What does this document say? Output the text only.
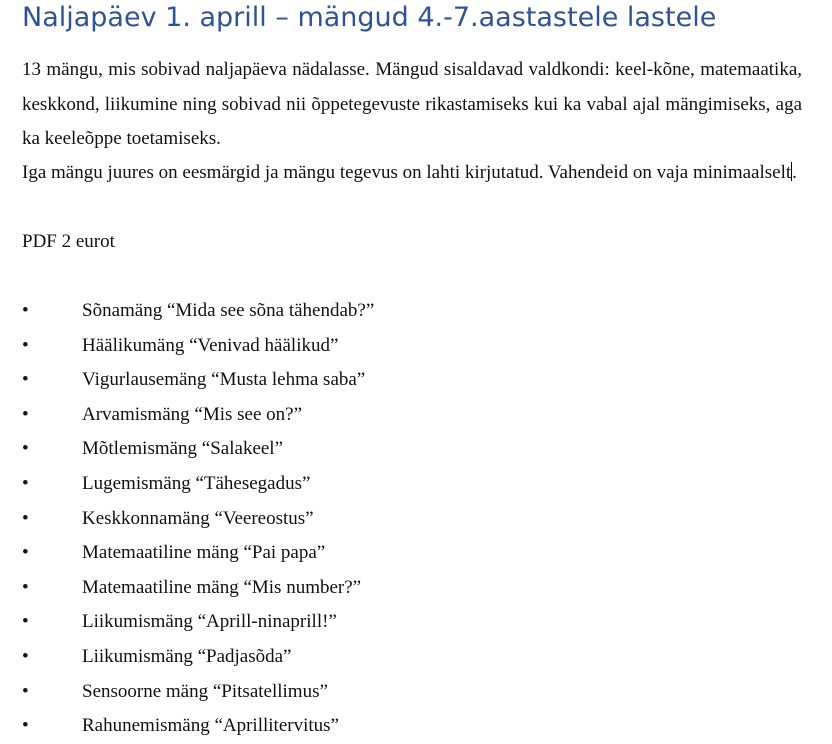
Naljapäev 1. aprill – mängud 4.-7.aastastele lastele
13 mängu, mis sobivad naljapäeva nädalasse. Mängud sisaldavad valdkondi: keel-kõne, matemaatika, keskkond, liikumine ning sobivad nii õppetegevuste rikastamiseks kui ka vabal ajal mängimiseks, aga ka keeleõppe toetamiseks.
Iga mängu juures on eesmärgid ja mängu tegevus on lahti kirjutatud. Vahendeid on vaja minimaalselt.
PDF 2 eurot
•	Sõnamäng “Mida see sõna tähendab?”
•	Häälikumäng “Venivad häälikud”
•	Vigurlausemäng “Musta lehma saba”
•	Arvamismäng “Mis see on?”
•	Mõtlemismäng “Salakeel”
•	Lugemismäng “Tähesegadus”
•	Keskkonnamäng “Veereostus”
•	Matemaatiline mäng “Pai papa”
•	Matemaatiline mäng “Mis number?”
•	Liikumismäng “Aprill-ninaprill!”
•	Liikumismäng “Padjasõda”
•	Sensoorne mäng “Pitsatellimus”
•	Rahunemismäng “Aprillitervitus”
